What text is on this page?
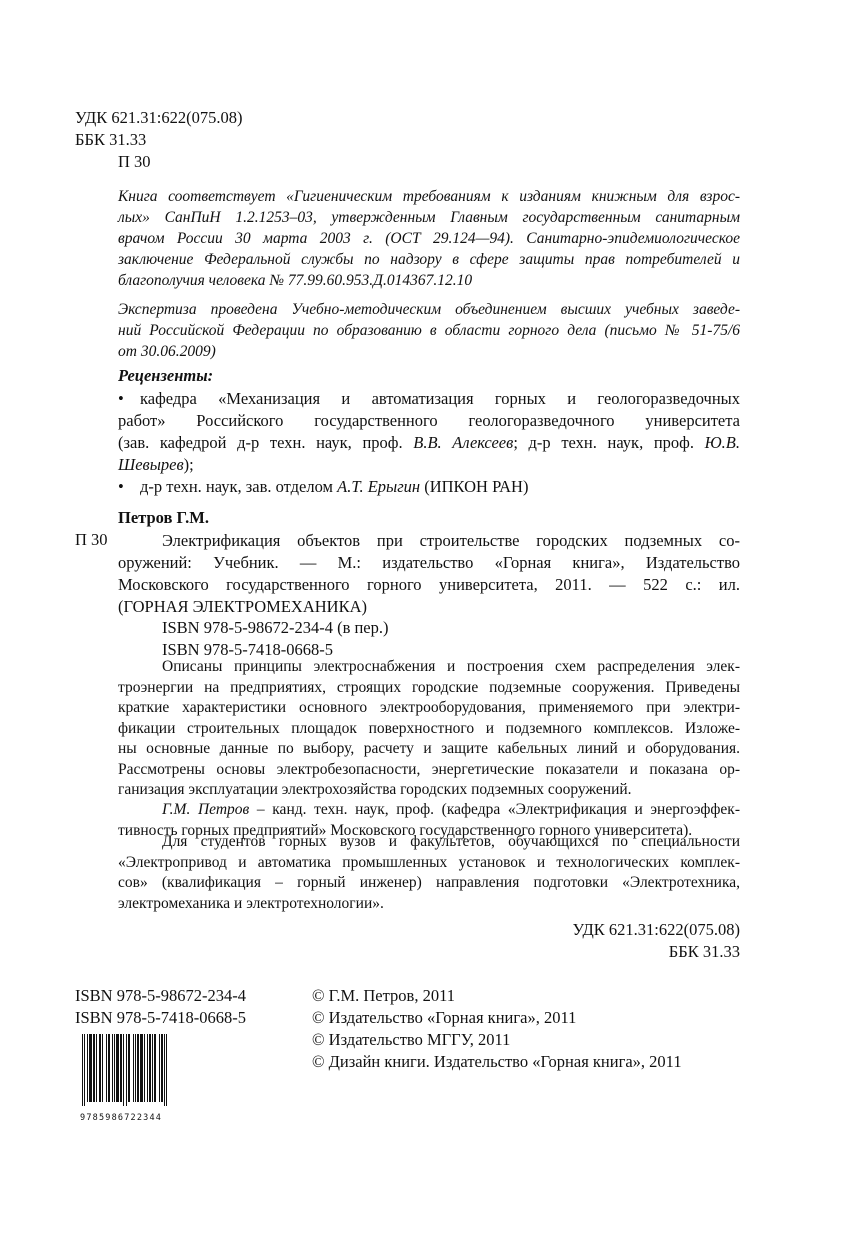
УДК 621.31:622(075.08)
ББК 31.33
П 30
Книга соответствует «Гигиеническим требованиям к изданиям книжным для взрос-
лых» СанПиН 1.2.1253–03, утвержденным Главным государственным санитарным
врачом России 30 марта 2003 г. (ОСТ 29.124—94). Санитарно-эпидемиологическое
заключение Федеральной службы по надзору в сфере защиты прав потребителей и
благополучия человека № 77.99.60.953.Д.014367.12.10
Экспертиза проведена Учебно-методическим объединением высших учебных заведе-
ний Российской Федерации по образованию в области горного дела (письмо № 51-75/6
от 30.06.2009)
Рецензенты:
• кафедра «Механизация и автоматизация горных и геологоразведочных
работ» Российского государственного геологоразведочного университета
(зав. кафедрой д-р техн. наук, проф. В.В. Алексеев; д-р техн. наук, проф. Ю.В.
Шевырев);
• д-р техн. наук, зав. отделом А.Т. Ерыгин (ИПКОН РАН)
Петров Г.М.
П 30	Электрификация объектов при строительстве городских подземных со-
оружений: Учебник. — М.: издательство «Горная книга», Издательство
Московского государственного горного университета, 2011. — 522 с.: ил.
(ГОРНАЯ ЭЛЕКТРОМЕХАНИКА)
ISBN 978-5-98672-234-4 (в пер.)
ISBN 978-5-7418-0668-5
Описаны принципы электроснабжения и построения схем распределения элек-
троэнергии на предприятиях, строящих городские подземные сооружения. Приведены
краткие характеристики основного электрооборудования, применяемого при электри-
фикации строительных площадок поверхностного и подземного комплексов. Изложе-
ны основные данные по выбору, расчету и защите кабельных линий и оборудования.
Рассмотрены основы электробезопасности, энергетические показатели и показана ор-
ганизация эксплуатации электрохозяйства городских подземных сооружений.
Г.М. Петров – канд. техн. наук, проф. (кафедра «Электрификация и энергоэффек-
тивность горных предприятий» Московского государственного горного университета).
Для студентов горных вузов и факультетов, обучающихся по специальности
«Электропривод и автоматика промышленных установок и технологических комплек-
сов» (квалификация – горный инженер) направления подготовки «Электротехника,
электромеханика и электротехнологии».
УДК 621.31:622(075.08)
ББК 31.33
ISBN 978-5-98672-234-4
ISBN 978-5-7418-0668-5
9785986722344
© Г.М. Петров, 2011
© Издательство «Горная книга», 2011
© Издательство МГГУ, 2011
© Дизайн книги. Издательство «Горная книга», 2011
